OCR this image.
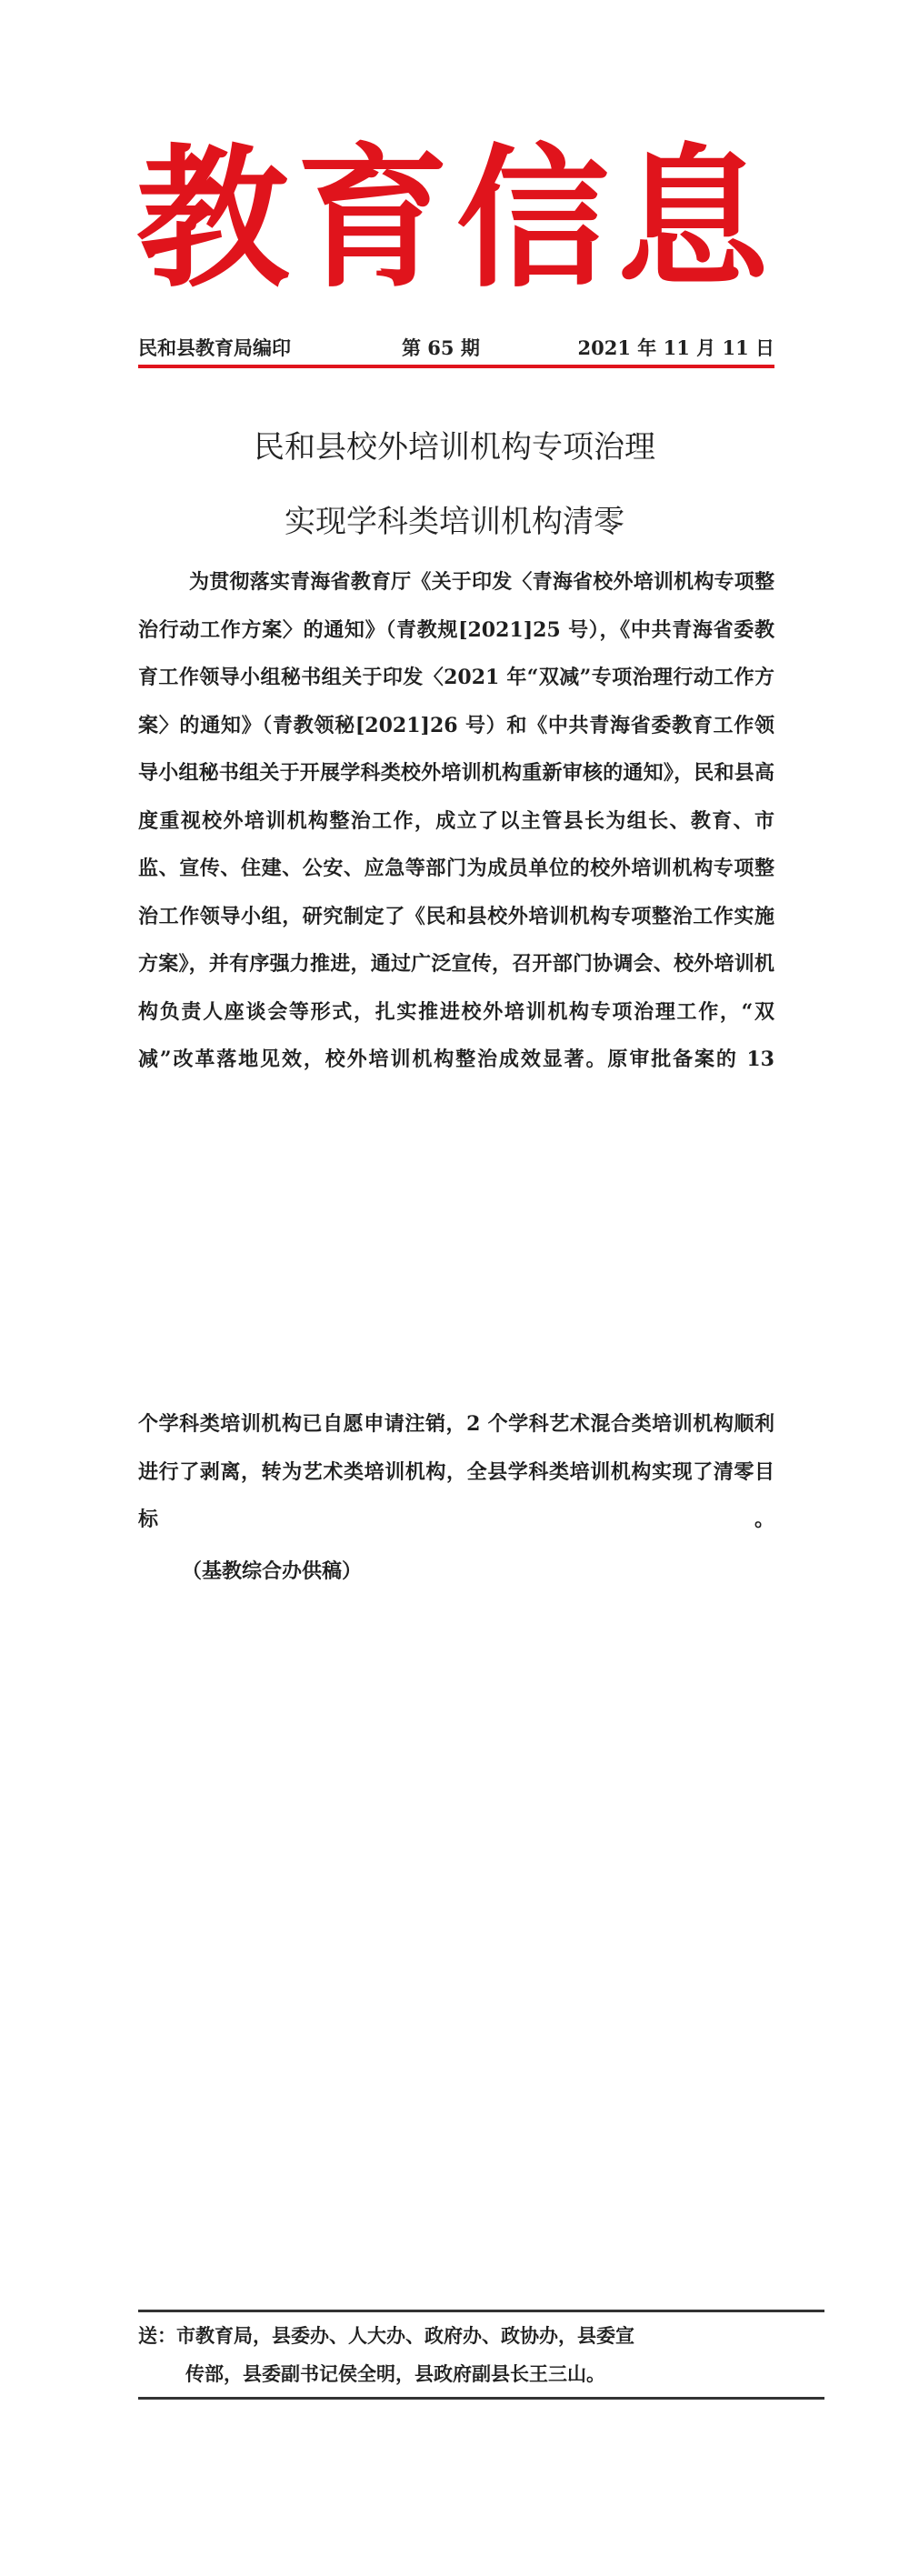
教育信息
民和县教育局编印	第 65 期	2021 年 11 月 11 日
民和县校外培训机构专项治理
实现学科类培训机构清零
为贯彻落实青海省教育厅《关于印发〈青海省校外培训机构专项整治行动工作方案〉的通知》（青教规[2021]25 号），《中共青海省委教育工作领导小组秘书组关于印发〈2021 年“双减”专项治理行动工作方案〉的通知》（青教领秘[2021]26 号）和《中共青海省委教育工作领导小组秘书组关于开展学科类校外培训机构重新审核的通知》，民和县高度重视校外培训机构整治工作，成立了以主管县长为组长、教育、市监、宣传、住建、公安、应急等部门为成员单位的校外培训机构专项整治工作领导小组，研究制定了《民和县校外培训机构专项整治工作实施方案》，并有序强力推进，通过广泛宣传，召开部门协调会、校外培训机构负责人座谈会等形式，扎实推进校外培训机构专项治理工作，“双减”改革落地见效，校外培训机构整治成效显著。原审批备案的 13
个学科类培训机构已自愿申请注销，2 个学科艺术混合类培训机构顺利进行了剥离，转为艺术类培训机构，全县学科类培训机构实现了清零目标。
（基教综合办供稿）
送：市教育局，县委办、人大办、政府办、政协办，县委宣
传部，县委副书记侯全明，县政府副县长王三山。
